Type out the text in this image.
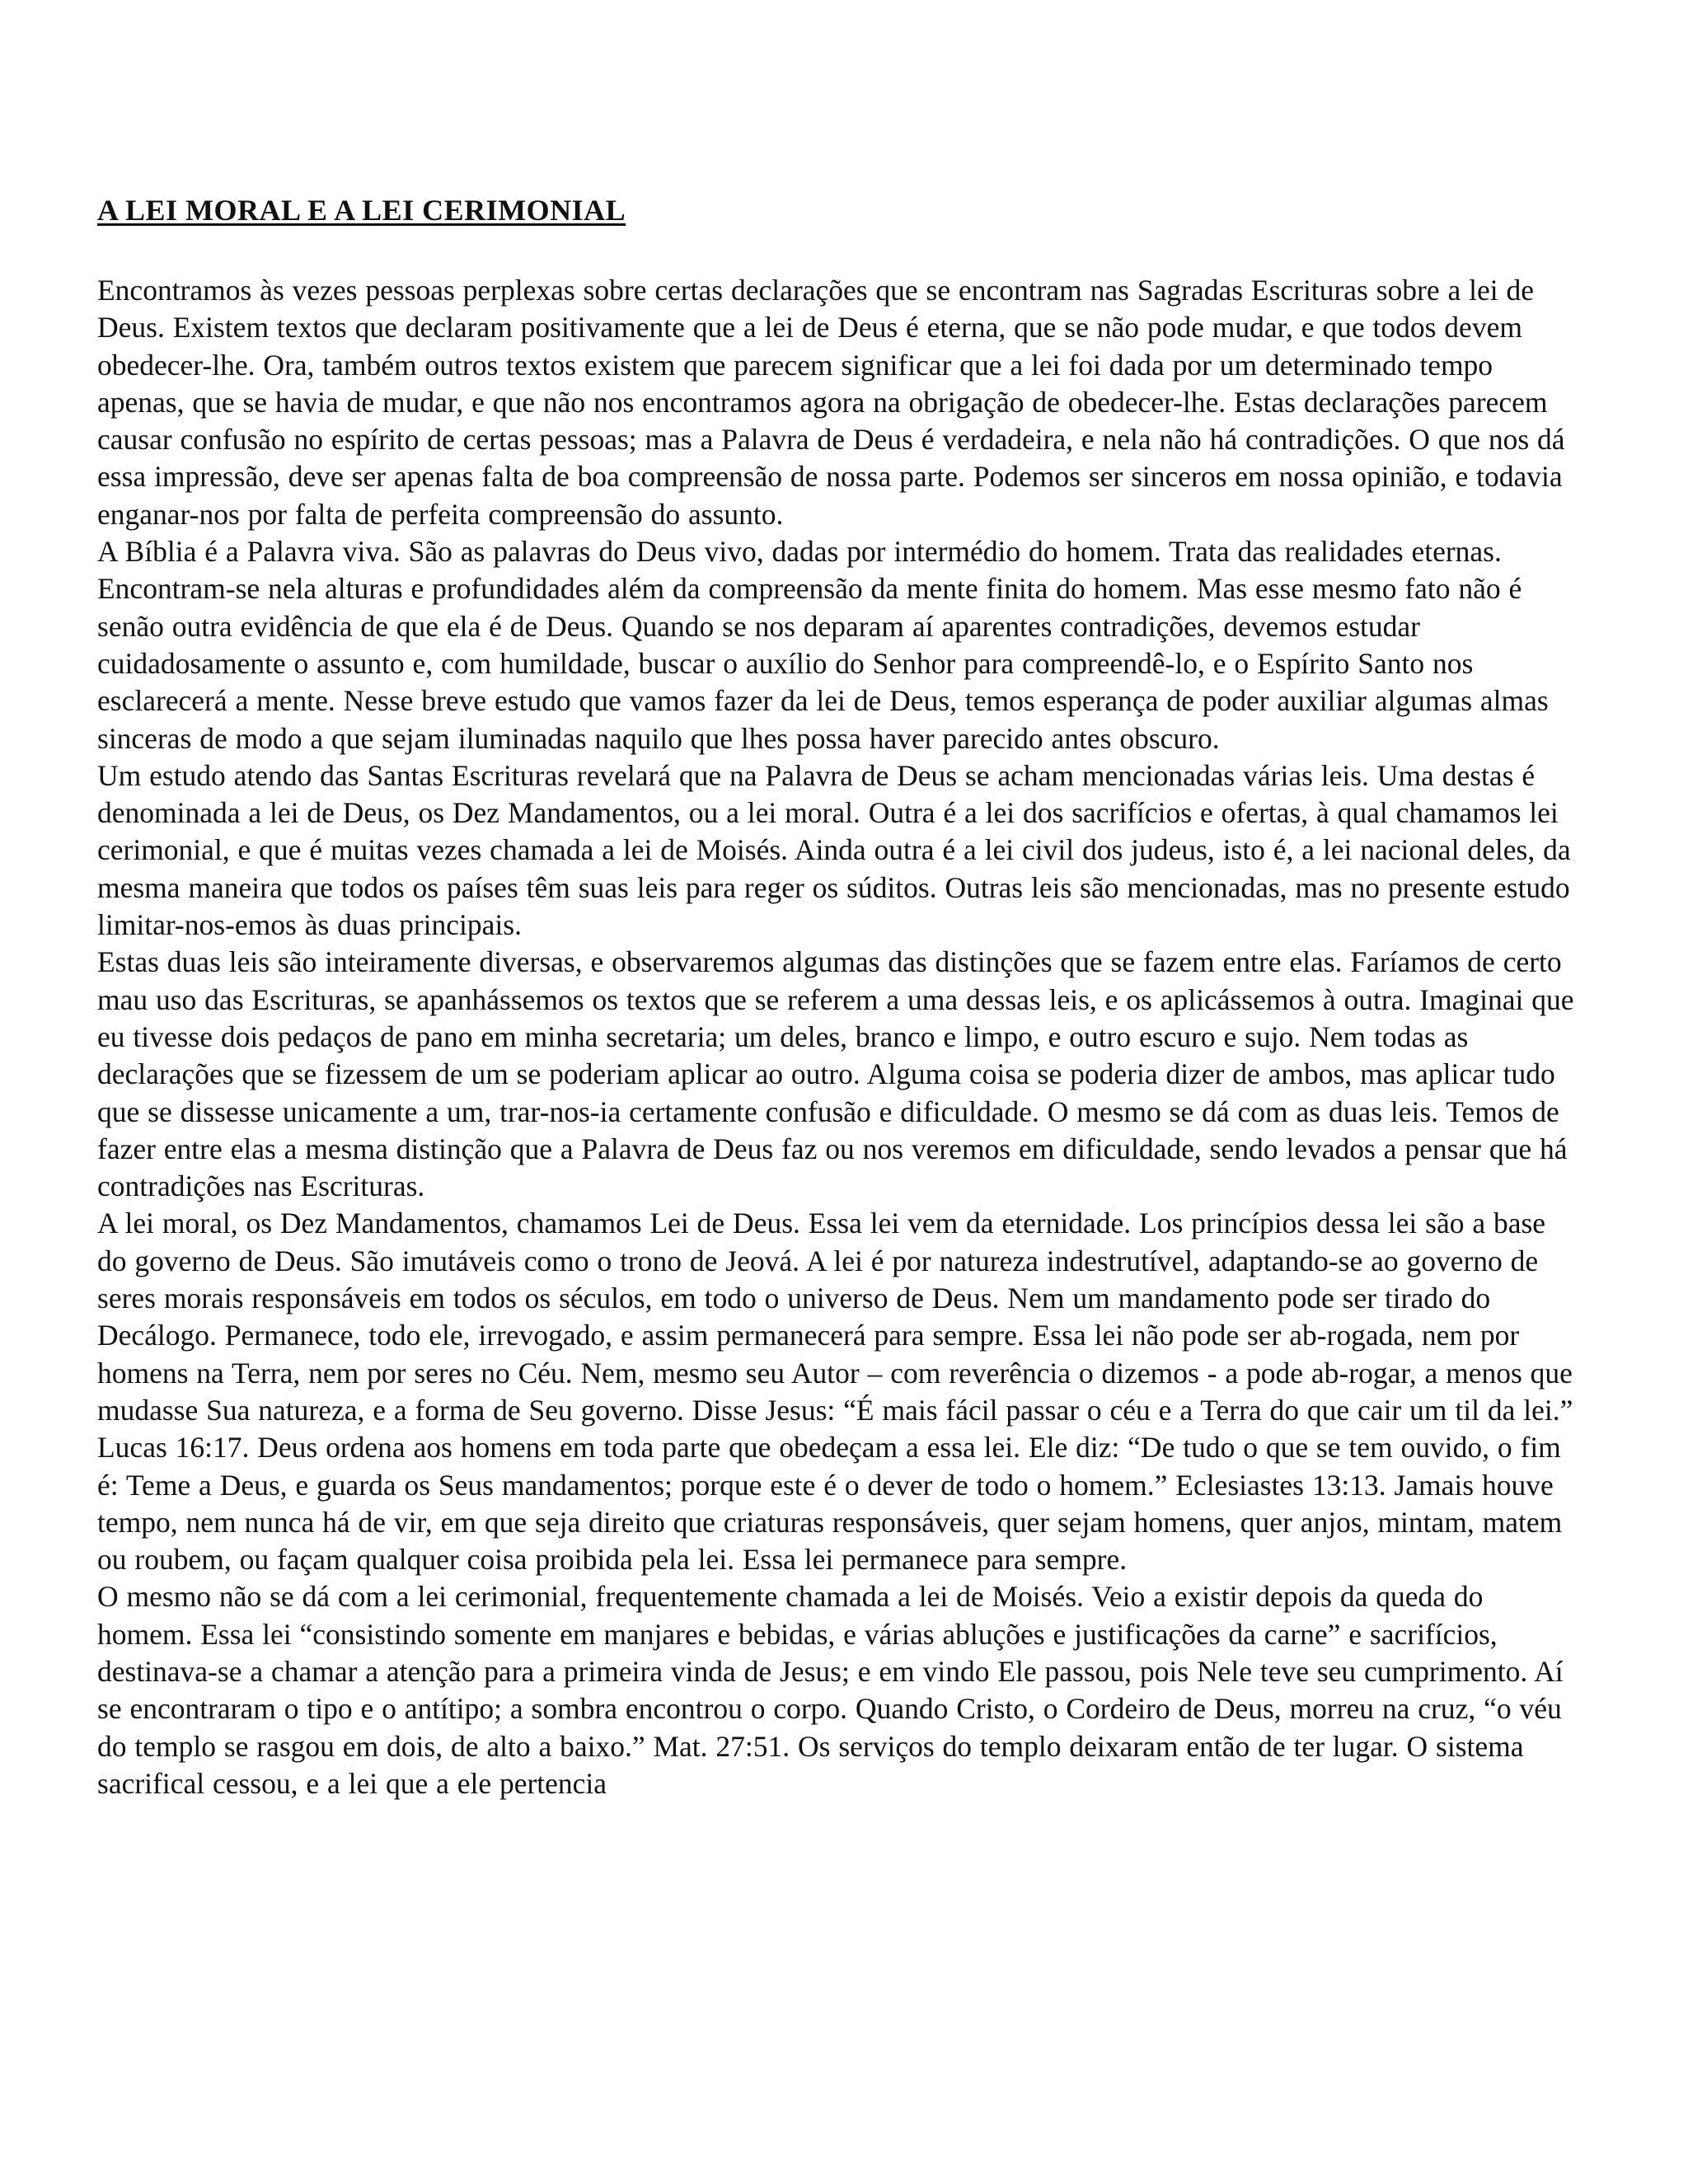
A LEI MORAL E A LEI CERIMONIAL

Encontramos às vezes pessoas perplexas sobre certas declarações que se encontram nas Sagradas Escrituras sobre a lei de Deus. Existem textos que declaram positivamente que a lei de Deus é eterna, que se não pode mudar, e que todos devem obedecer-lhe. Ora, também outros textos existem que parecem significar que a lei foi dada por um determinado tempo apenas, que se havia de mudar, e que não nos encontramos agora na obrigação de obedecer-lhe. Estas declarações parecem causar confusão no espírito de certas pessoas; mas a Palavra de Deus é verdadeira, e nela não há contradições. O que nos dá essa impressão, deve ser apenas falta de boa compreensão de nossa parte. Podemos ser sinceros em nossa opinião, e todavia enganar-nos por falta de perfeita compreensão do assunto.

A Bíblia é a Palavra viva. São as palavras do Deus vivo, dadas por intermédio do homem. Trata das realidades eternas. Encontram-se nela alturas e profundidades além da compreensão da mente finita do homem. Mas esse mesmo fato não é senão outra evidência de que ela é de Deus. Quando se nos deparam aí aparentes contradições, devemos estudar cuidadosamente o assunto e, com humildade, buscar o auxílio do Senhor para compreendê-lo, e o Espírito Santo nos esclarecerá a mente. Nesse breve estudo que vamos fazer da lei de Deus, temos esperança de poder auxiliar algumas almas sinceras de modo a que sejam iluminadas naquilo que lhes possa haver parecido antes obscuro.

Um estudo atendo das Santas Escrituras revelará que na Palavra de Deus se acham mencionadas várias leis. Uma destas é denominada a lei de Deus, os Dez Mandamentos, ou a lei moral. Outra é a lei dos sacrifícios e ofertas, à qual chamamos lei cerimonial, e que é muitas vezes chamada a lei de Moisés. Ainda outra é a lei civil dos judeus, isto é, a lei nacional deles, da mesma maneira que todos os países têm suas leis para reger os súditos. Outras leis são mencionadas, mas no presente estudo limitar-nos-emos às duas principais.

Estas duas leis são inteiramente diversas, e observaremos algumas das distinções que se fazem entre elas. Faríamos de certo mau uso das Escrituras, se apanhássemos os textos que se referem a uma dessas leis, e os aplicássemos à outra. Imaginai que eu tivesse dois pedaços de pano em minha secretaria; um deles, branco e limpo, e outro escuro e sujo. Nem todas as declarações que se fizessem de um se poderiam aplicar ao outro. Alguma coisa se poderia dizer de ambos, mas aplicar tudo que se dissesse unicamente a um, trar-nos-ia certamente confusão e dificuldade. O mesmo se dá com as duas leis. Temos de fazer entre elas a mesma distinção que a Palavra de Deus faz ou nos veremos em dificuldade, sendo levados a pensar que há contradições nas Escrituras.

A lei moral, os Dez Mandamentos, chamamos Lei de Deus. Essa lei vem da eternidade. Los princípios dessa lei são a base do governo de Deus. São imutáveis como o trono de Jeová. A lei é por natureza indestrutível, adaptando-se ao governo de seres morais responsáveis em todos os séculos, em todo o universo de Deus. Nem um mandamento pode ser tirado do Decálogo. Permanece, todo ele, irrevogado, e assim permanecerá para sempre. Essa lei não pode ser ab-rogada, nem por homens na Terra, nem por seres no Céu. Nem, mesmo seu Autor – com reverência o dizemos - a pode ab-rogar, a menos que mudasse Sua natureza, e a forma de Seu governo. Disse Jesus: “É mais fácil passar o céu e a Terra do que cair um til da lei.” Lucas 16:17. Deus ordena aos homens em toda parte que obedeçam a essa lei. Ele diz: “De tudo o que se tem ouvido, o fim é: Teme a Deus, e guarda os Seus mandamentos; porque este é o dever de todo o homem.” Eclesiastes 13:13. Jamais houve tempo, nem nunca há de vir, em que seja direito que criaturas responsáveis, quer sejam homens, quer anjos, mintam, matem ou roubem, ou façam qualquer coisa proibida pela lei. Essa lei permanece para sempre.

O mesmo não se dá com a lei cerimonial, frequentemente chamada a lei de Moisés. Veio a existir depois da queda do homem. Essa lei “consistindo somente em manjares e bebidas, e várias abluções e justificações da carne” e sacrifícios, destinava-se a chamar a atenção para a primeira vinda de Jesus; e em vindo Ele passou, pois Nele teve seu cumprimento. Aí se encontraram o tipo e o antítipo; a sombra encontrou o corpo. Quando Cristo, o Cordeiro de Deus, morreu na cruz, “o véu do templo se rasgou em dois, de alto a baixo.” Mat. 27:51. Os serviços do templo deixaram então de ter lugar. O sistema sacrifical cessou, e a lei que a ele pertencia
